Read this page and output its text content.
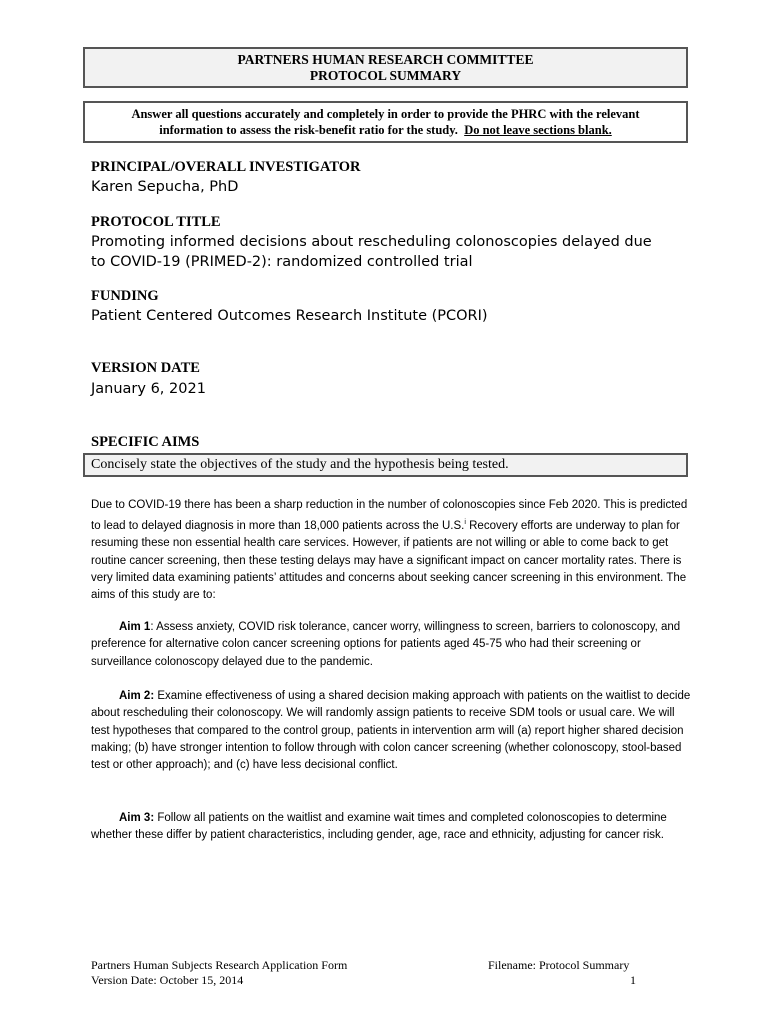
PARTNERS HUMAN RESEARCH COMMITTEE
PROTOCOL SUMMARY
Answer all questions accurately and completely in order to provide the PHRC with the relevant
information to assess the risk-benefit ratio for the study. Do not leave sections blank.
PRINCIPAL/OVERALL INVESTIGATOR
Karen Sepucha, PhD
PROTOCOL TITLE
Promoting informed decisions about rescheduling colonoscopies delayed due
to COVID-19 (PRIMED-2): randomized controlled trial
FUNDING
Patient Centered Outcomes Research Institute (PCORI)
VERSION DATE
January 6, 2021
SPECIFIC AIMS
Concisely state the objectives of the study and the hypothesis being tested.
Due to COVID-19 there has been a sharp reduction in the number of colonoscopies since Feb 2020. This is predicted to lead to delayed diagnosis in more than 18,000 patients across the U.S.$^i$ Recovery efforts are underway to plan for resuming these non essential health care services. However, if patients are not willing or able to come back to get routine cancer screening, then these testing delays may have a significant impact on cancer mortality rates. There is very limited data examining patients’ attitudes and concerns about seeking cancer screening in this environment. The aims of this study are to:
Aim 1: Assess anxiety, COVID risk tolerance, cancer worry, willingness to screen, barriers to colonoscopy, and preference for alternative colon cancer screening options for patients aged 45-75 who had their screening or surveillance colonoscopy delayed due to the pandemic.
Aim 2: Examine effectiveness of using a shared decision making approach with patients on the waitlist to decide about rescheduling their colonoscopy. We will randomly assign patients to receive SDM tools or usual care. We will test hypotheses that compared to the control group, patients in intervention arm will (a) report higher shared decision making; (b) have stronger intention to follow through with colon cancer screening (whether colonoscopy, stool-based test or other approach); and (c) have less decisional conflict.
Aim 3: Follow all patients on the waitlist and examine wait times and completed colonoscopies to determine whether these differ by patient characteristics, including gender, age, race and ethnicity, adjusting for cancer risk.
Partners Human Subjects Research Application Form
Version Date: October 15, 2014
Filename: Protocol Summary
1
